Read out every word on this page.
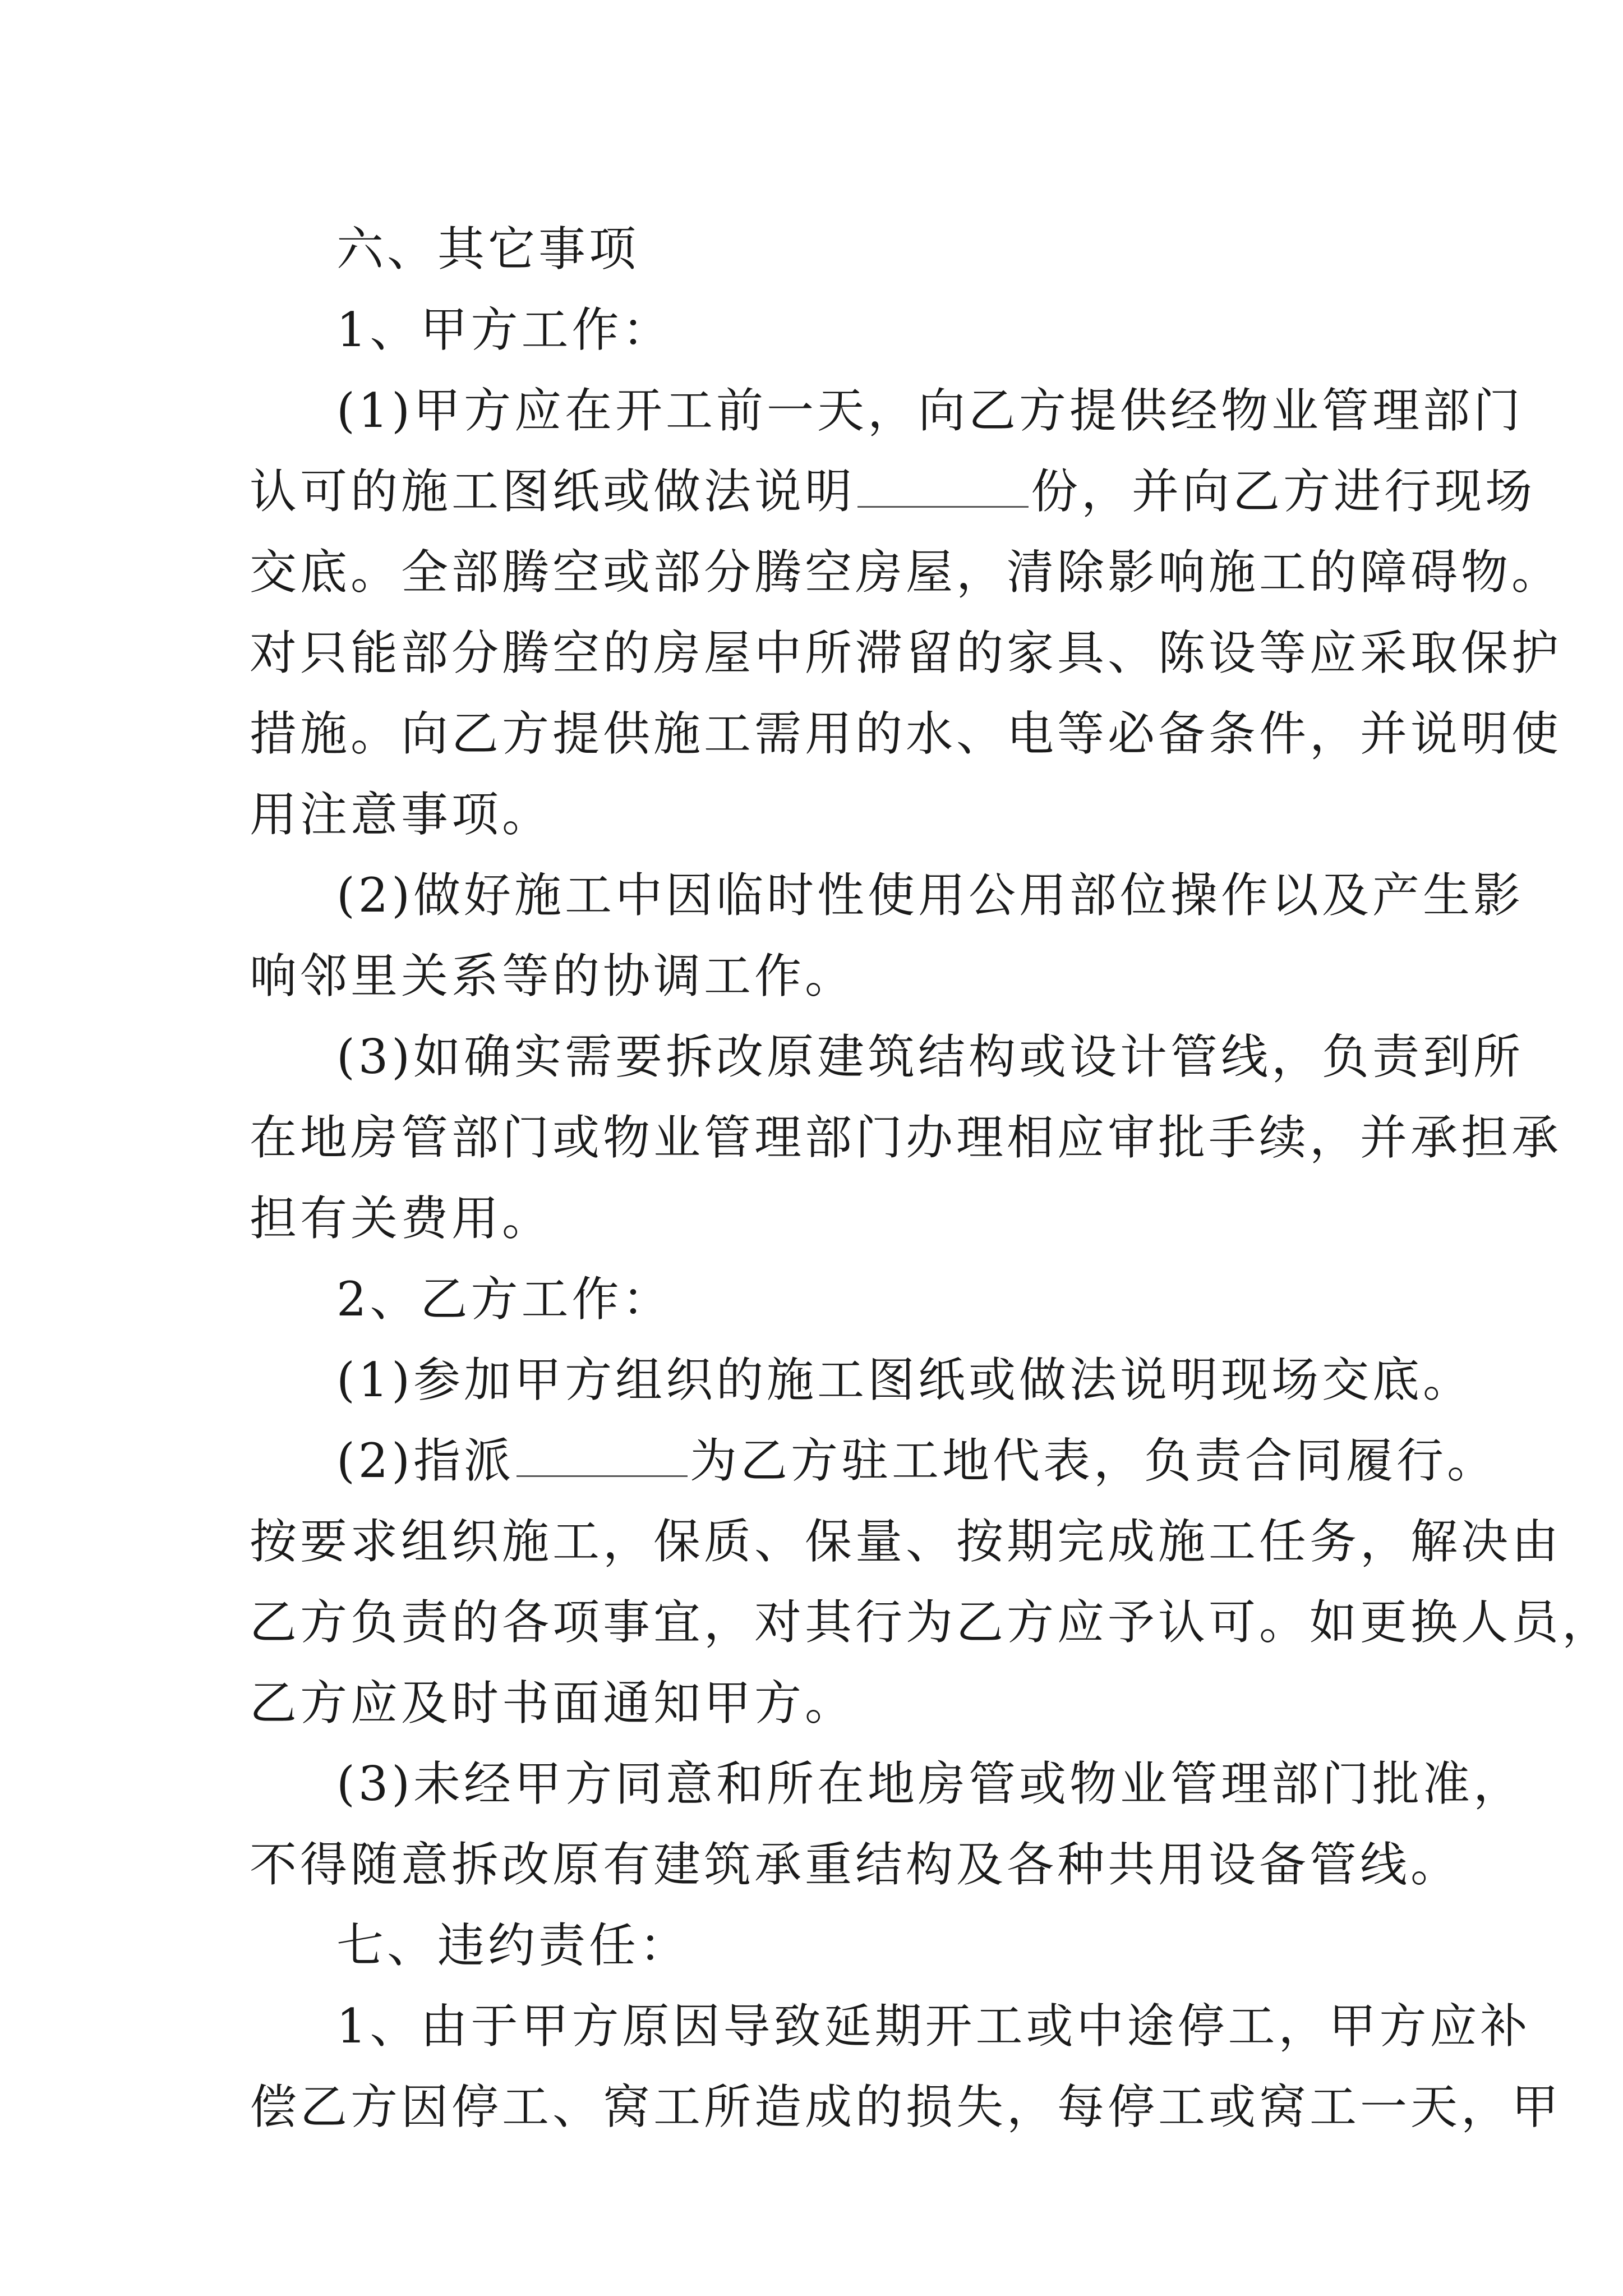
六、其它事项

1、甲方工作：

(1)甲方应在开工前一天，向乙方提供经物业管理部门
认可的施工图纸或做法说明	份，并向乙方进行现场
交底。全部腾空或部分腾空房屋，清除影响施工的障碍物。
对只能部分腾空的房屋中所滞留的家具、陈设等应采取保护
措施。向乙方提供施工需用的水、电等必备条件，并说明使
用注意事项。

(2)做好施工中因临时性使用公用部位操作以及产生影
响邻里关系等的协调工作。

(3)如确实需要拆改原建筑结构或设计管线，负责到所
在地房管部门或物业管理部门办理相应审批手续，并承担承
担有关费用。

2、乙方工作：

(1)参加甲方组织的施工图纸或做法说明现场交底。

(2)指派	为乙方驻工地代表，负责合同履行。
按要求组织施工，保质、保量、按期完成施工任务，解决由
乙方负责的各项事宜，对其行为乙方应予认可。如更换人员，
乙方应及时书面通知甲方。

(3)未经甲方同意和所在地房管或物业管理部门批准，
不得随意拆改原有建筑承重结构及各种共用设备管线。

七、违约责任：

1、由于甲方原因导致延期开工或中途停工，甲方应补
偿乙方因停工、窝工所造成的损失，每停工或窝工一天，甲
